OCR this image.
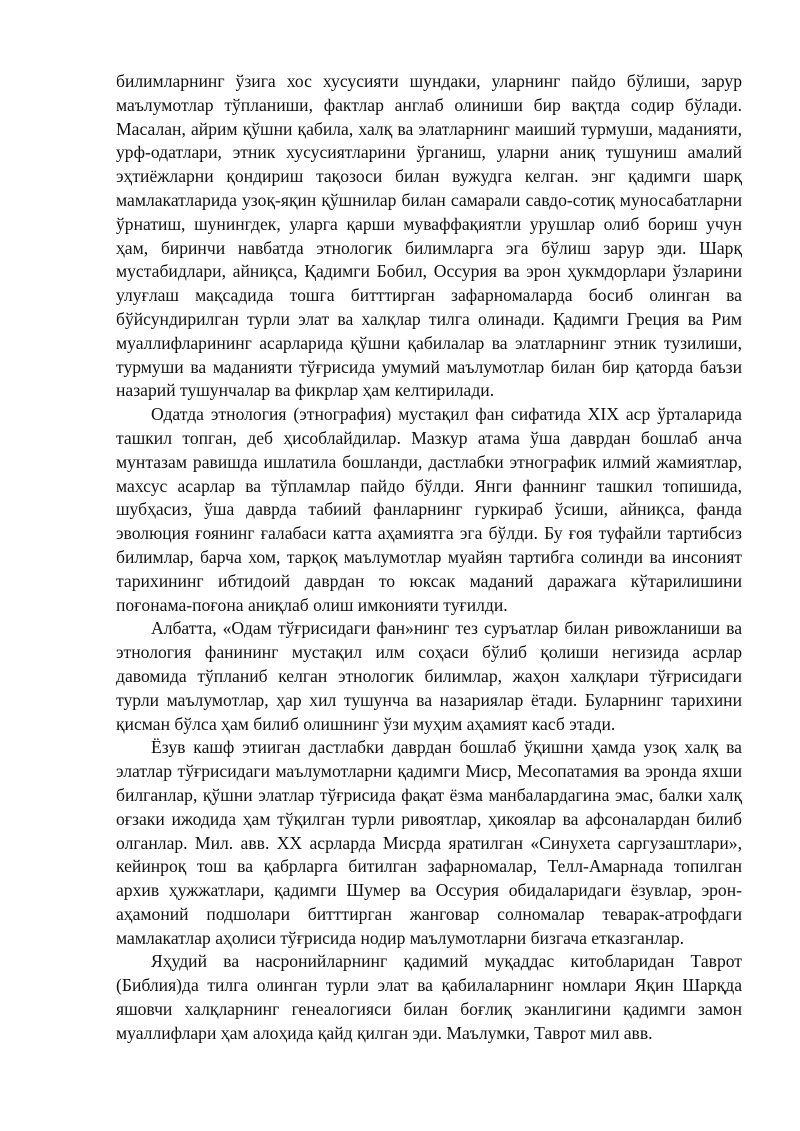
билимларнинг ўзига хос хусусияти шундаки, уларнинг пайдо бўлиши, зарур маълумотлар тўпланиши, фактлар англаб олиниши бир вақтда содир бўлади. Масалан, айрим қўшни қабила, халқ ва элатларнинг маиший турмуши, маданияти, урф-одатлари, этник хусусиятларини ўрганиш, уларни аниқ тушуниш амалий эҳтиёжларни қондириш тақозоси билан вужудга келган. энг қадимги шарқ мамлакатларида узоқ-яқин қўшнилар билан самарали савдо-сотиқ муносабатларни ўрнатиш, шунингдек, уларга қарши муваффақиятли урушлар олиб бориш учун ҳам, биринчи навбатда этнологик билимларга эга бўлиш зарур эди. Шарқ мустабидлари, айниқса, Қадимги Бобил, Оссурия ва эрон ҳукмдорлари ўзларини улуғлаш мақсадида тошга битттирган зафарномаларда босиб олинган ва бўйсундирилган турли элат ва халқлар тилга олинади. Қадимги Греция ва Рим муаллифларининг асарларида қўшни қабилалар ва элатларнинг этник тузилиши, турмуши ва маданияти тўғрисида умумий маълумотлар билан бир қаторда баъзи назарий тушунчалар ва фикрлар ҳам келтирилади.

Одатда этнология (этнография) мустақил фан сифатида XIX аср ўрталарида ташкил топган, деб ҳисоблайдилар. Мазкур атама ўша даврдан бошлаб анча мунтазам равишда ишлатила бошланди, дастлабки этнографик илмий жамиятлар, махсус асарлар ва тўпламлар пайдо бўлди. Янги фаннинг ташкил топишида, шубҳасиз, ўша даврда табиий фанларнинг гуркираб ўсиши, айниқса, фанда эволюция ғоянинг ғалабаси катта аҳамиятга эга бўлди. Бу ғоя туфайли тартибсиз билимлар, барча хом, тарқоқ маълумотлар муайян тартибга солинди ва инсоният тарихининг ибтидоий даврдан то юксак маданий даражага кўтарилишини поғонама-поғона аниқлаб олиш имконияти туғилди.

Албатта, «Одам тўғрисидаги фан»нинг тез суръатлар билан ривожланиши ва этнология фанининг мустақил илм соҳаси бўлиб қолиши негизида асрлар давомида тўпланиб келган этнологик билимлар, жаҳон халқлари тўғрисидаги турли маълумотлар, ҳар хил тушунча ва назариялар ётади. Буларнинг тарихини қисман бўлса ҳам билиб олишнинг ўзи муҳим аҳамият касб этади.

Ёзув кашф этииган дастлабки даврдан бошлаб ўқишни ҳамда узоқ халқ ва элатлар тўғрисидаги маълумотларни қадимги Миср, Месопатамия ва эронда яхши билганлар, қўшни элатлар тўғрисида фақат ёзма манбалардагина эмас, балки халқ оғзаки ижодида ҳам тўқилган турли ривоятлар, ҳикоялар ва афсоналардан билиб олганлар. Мил. авв. XX асрларда Мисрда яратилган «Синухета саргузаштлари», кейинроқ тош ва қабрларга битилган зафарномалар, Телл-Амарнада топилган архив ҳужжатлари, қадимги Шумер ва Оссурия обидаларидаги ёзувлар, эрон-аҳамоний подшолари битттирган жанговар солномалар теварак-атрофдаги мамлакатлар аҳолиси тўғрисида нодир маълумотларни бизгача етказганлар.

Яҳудий ва насронийларнинг қадимий муқаддас китобларидан Таврот (Библия)да тилга олинган турли элат ва қабилаларнинг номлари Яқин Шарқда яшовчи халқларнинг генеалогияси билан боғлиқ эканлигини қадимги замон муаллифлари ҳам алоҳида қайд қилган эди. Маълумки, Таврот мил авв.
